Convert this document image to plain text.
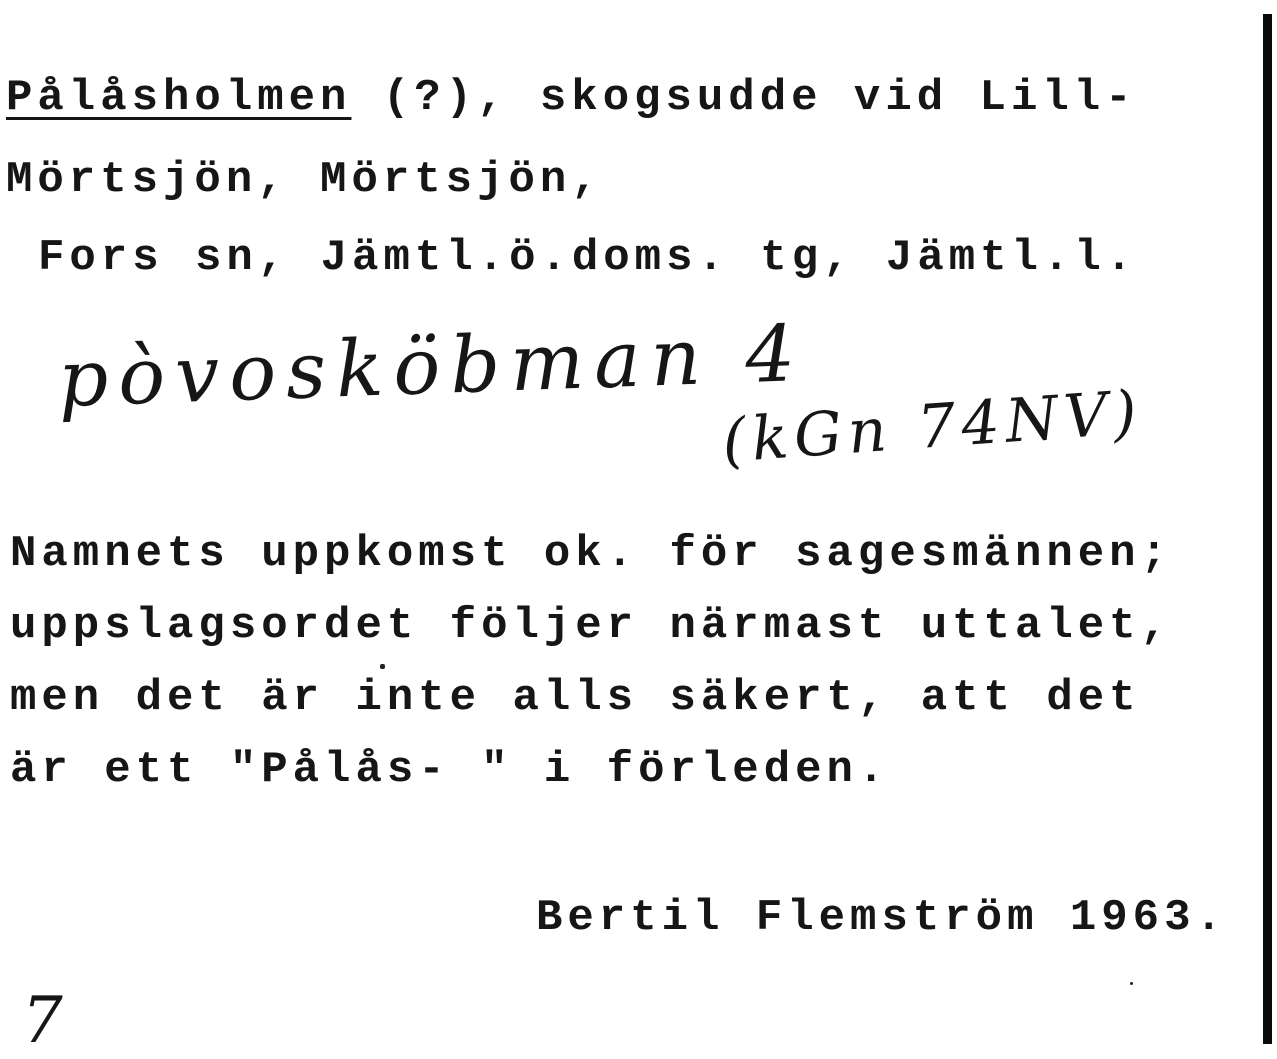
Pålåsholmen (?), skogsudde vid Lill-
Mörtsjön, Mörtsjön,
Fors sn, Jämtl.ö.doms. tg, Jämtl.l.
pòvosköbman 4
(kGn 74NV)
Namnets uppkomst ok. för sagesmännen;
uppslagsordet följer närmast uttalet,
men det är inte alls säkert, att det
är ett "Pålås- " i förleden.
Bertil Flemström 1963.
7
